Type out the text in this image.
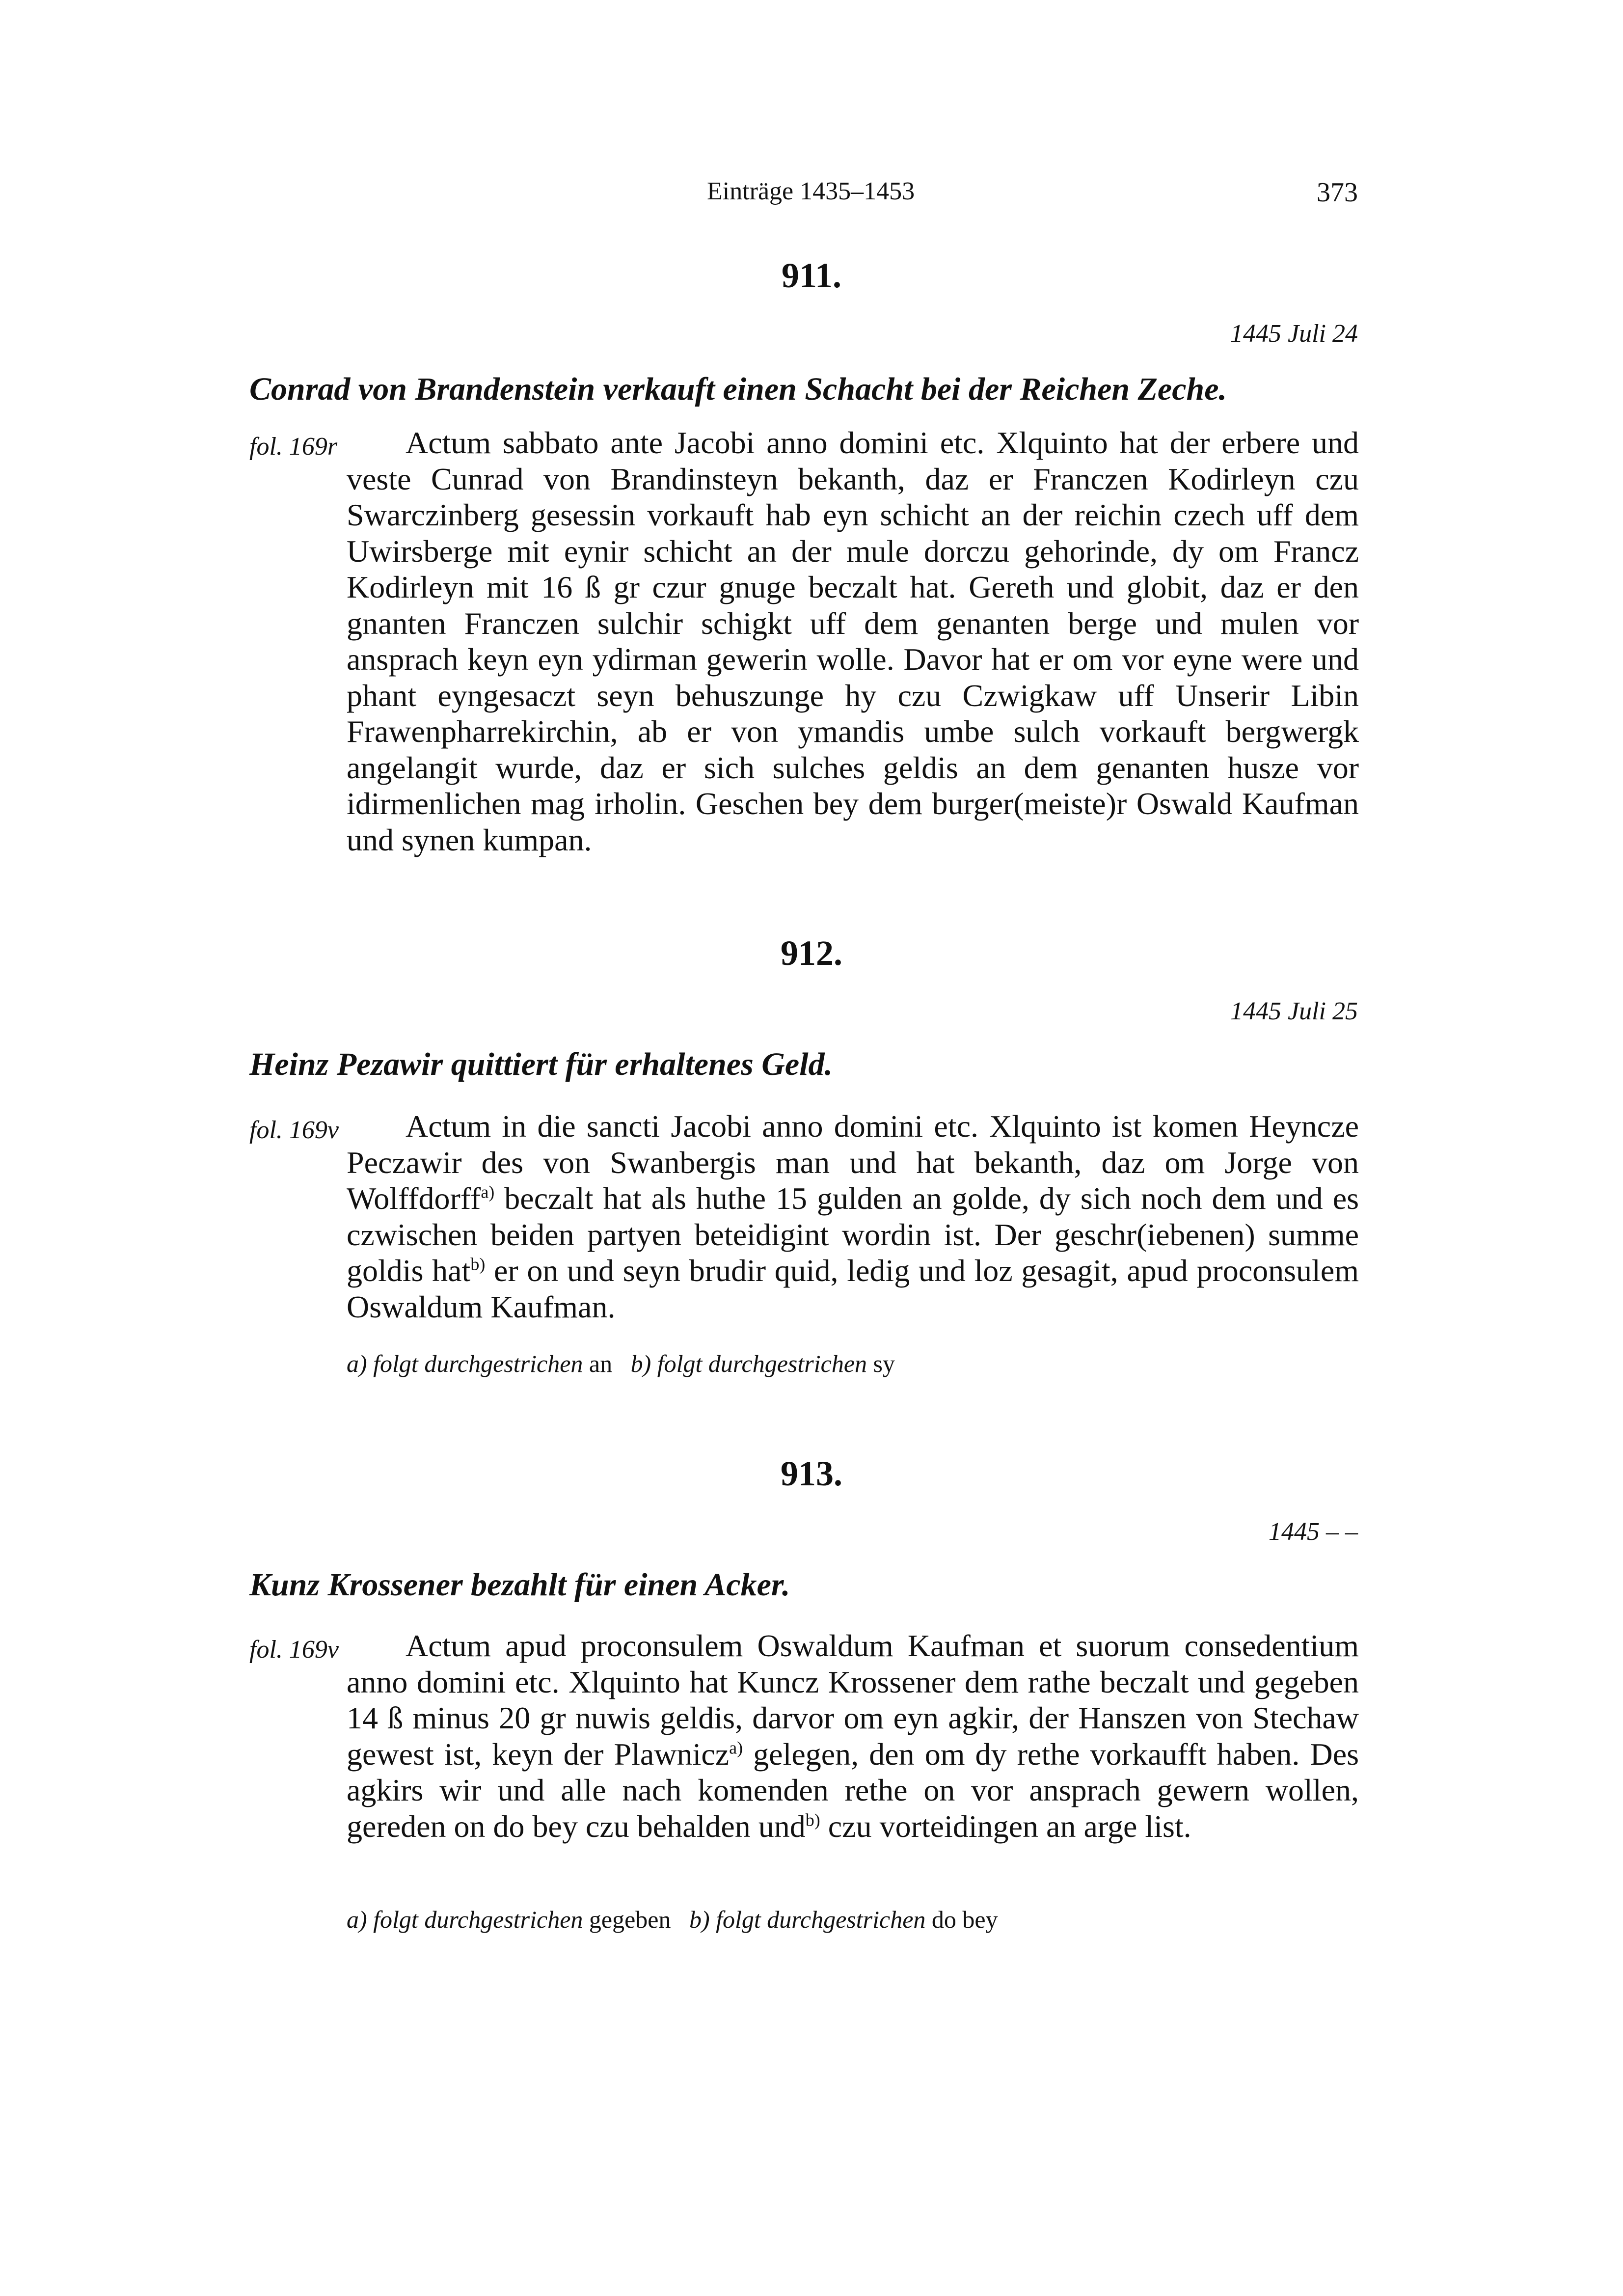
Einträge 1435–1453	373
911.
1445 Juli 24
Conrad von Brandenstein verkauft einen Schacht bei der Reichen Zeche.
fol. 169r	Actum sabbato ante Jacobi anno domini etc. Xlquinto hat der erbere und veste Cunrad von Brandinsteyn bekanth, daz er Franczen Kodirleyn czu Swarczinberg gesessin vorkauft hab eyn schicht an der reichin czech uff dem Uwirsberge mit eynir schicht an der mule dorczu gehorinde, dy om Francz Kodirleyn mit 16 ß gr czur gnuge beczalt hat. Gereth und globit, daz er den gnanten Franczen sulchir schigkt uff dem genanten berge und mulen vor ansprach keyn eyn ydirman gewerin wolle. Davor hat er om vor eyne were und phant eyngesaczt seyn behuszunge hy czu Czwigkaw uff Unserir Libin Frawenpharrekirchin, ab er von ymandis umbe sulch vorkauft bergwergk angelangit wurde, daz er sich sulches geldis an dem genanten husze vor idirmenlichen mag irholin. Geschen bey dem burger(meiste)r Oswald Kaufman und synen kumpan.
912.
1445 Juli 25
Heinz Pezawir quittiert für erhaltenes Geld.
fol. 169v	Actum in die sancti Jacobi anno domini etc. Xlquinto ist komen Heyncze Peczawir des von Swanbergis man und hat bekanth, daz om Jorge von Wolffdorff$^{a)}$ beczalt hat als huthe 15 gulden an golde, dy sich noch dem und es czwischen beiden partyen beteidigint wordin ist. Der geschr(iebenen) summe goldis hat$^{b)}$ er on und seyn brudir quid, ledig und loz gesagit, apud proconsulem Oswaldum Kaufman.
a) folgt durchgestrichen an b) folgt durchgestrichen sy
913.
1445 – –
Kunz Krossener bezahlt für einen Acker.
fol. 169v	Actum apud proconsulem Oswaldum Kaufman et suorum consedentium anno domini etc. Xlquinto hat Kuncz Krossener dem rathe beczalt und gegeben 14 ß minus 20 gr nuwis geldis, darvor om eyn agkir, der Hanszen von Stechaw gewest ist, keyn der Plawnicz$^{a)}$ gelegen, den om dy rethe vorkaufft haben. Des agkirs wir und alle nach komenden rethe on vor ansprach gewern wollen, gereden on do bey czu behalden und$^{b)}$ czu vorteidingen an arge list.
a) folgt durchgestrichen gegeben b) folgt durchgestrichen do bey
